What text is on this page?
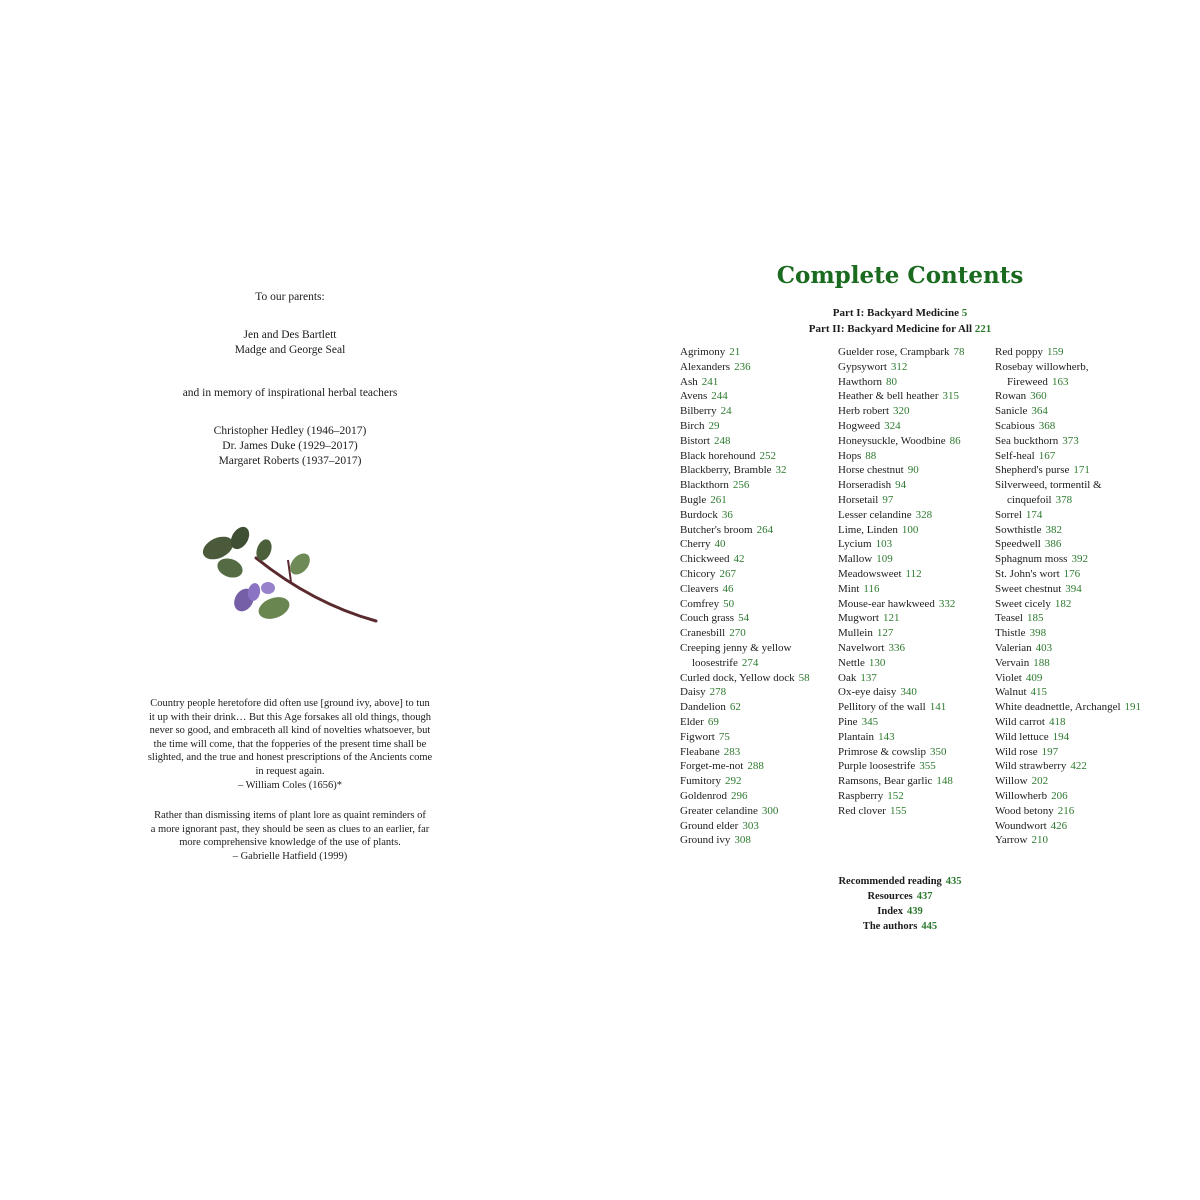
To our parents:

Jen and Des Bartlett

Madge and George Seal

and in memory of inspirational herbal teachers

Christopher Hedley (1946–2017)

Dr. James Duke (1929–2017)

Margaret Roberts (1937–2017)

Country people heretofore did often use [ground ivy, above] to tun

it up with their drink… But this Age forsakes all old things, though

never so good, and embraceth all kind of novelties whatsoever, but

the time will come, that the fopperies of the present time shall be

slighted, and the true and honest prescriptions of the Ancients come

in request again.

– William Coles (1656)*

Rather than dismissing items of plant lore as quaint reminders of

a more ignorant past, they should be seen as clues to an earlier, far

more comprehensive knowledge of the use of plants.

– Gabrielle Hatfield (1999)

Complete Contents
Part I: Backyard Medicine 5
Part II: Backyard Medicine for All 221
Agrimony 21
Alexanders 236
Ash 241
Avens 244
Bilberry 24
Birch 29
Bistort 248
Black horehound 252
Blackberry, Bramble 32
Blackthorn 256
Bugle 261
Burdock 36
Butcher's broom 264
Cherry 40
Chickweed 42
Chicory 267
Cleavers 46
Comfrey 50
Couch grass 54
Cranesbill 270
Creeping jenny & yellow loosestrife 274
Curled dock, Yellow dock 58
Daisy 278
Dandelion 62
Elder 69
Figwort 75
Fleabane 283
Forget-me-not 288
Fumitory 292
Goldenrod 296
Greater celandine 300
Ground elder 303
Ground ivy 308
Guelder rose, Crampbark 78
Gypsywort 312
Hawthorn 80
Heather & bell heather 315
Herb robert 320
Hogweed 324
Honeysuckle, Woodbine 86
Hops 88
Horse chestnut 90
Horseradish 94
Horsetail 97
Lesser celandine 328
Lime, Linden 100
Lycium 103
Mallow 109
Meadowsweet 112
Mint 116
Mouse-ear hawkweed 332
Mugwort 121
Mullein 127
Navelwort 336
Nettle 130
Oak 137
Ox-eye daisy 340
Pellitory of the wall 141
Pine 345
Plantain 143
Primrose & cowslip 350
Purple loosestrife 355
Ramsons, Bear garlic 148
Raspberry 152
Red clover 155
Red poppy 159
Rosebay willowherb, Fireweed 163
Rowan 360
Sanicle 364
Scabious 368
Sea buckthorn 373
Self-heal 167
Shepherd's purse 171
Silverweed, tormentil & cinquefoil 378
Sorrel 174
Sowthistle 382
Speedwell 386
Sphagnum moss 392
St. John's wort 176
Sweet chestnut 394
Sweet cicely 182
Teasel 185
Thistle 398
Valerian 403
Vervain 188
Violet 409
Walnut 415
White deadnettle, Archangel 191
Wild carrot 418
Wild lettuce 194
Wild rose 197
Wild strawberry 422
Willow 202
Willowherb 206
Wood betony 216
Woundwort 426
Yarrow 210
Recommended reading 435
Resources 437
Index 439
The authors 445
